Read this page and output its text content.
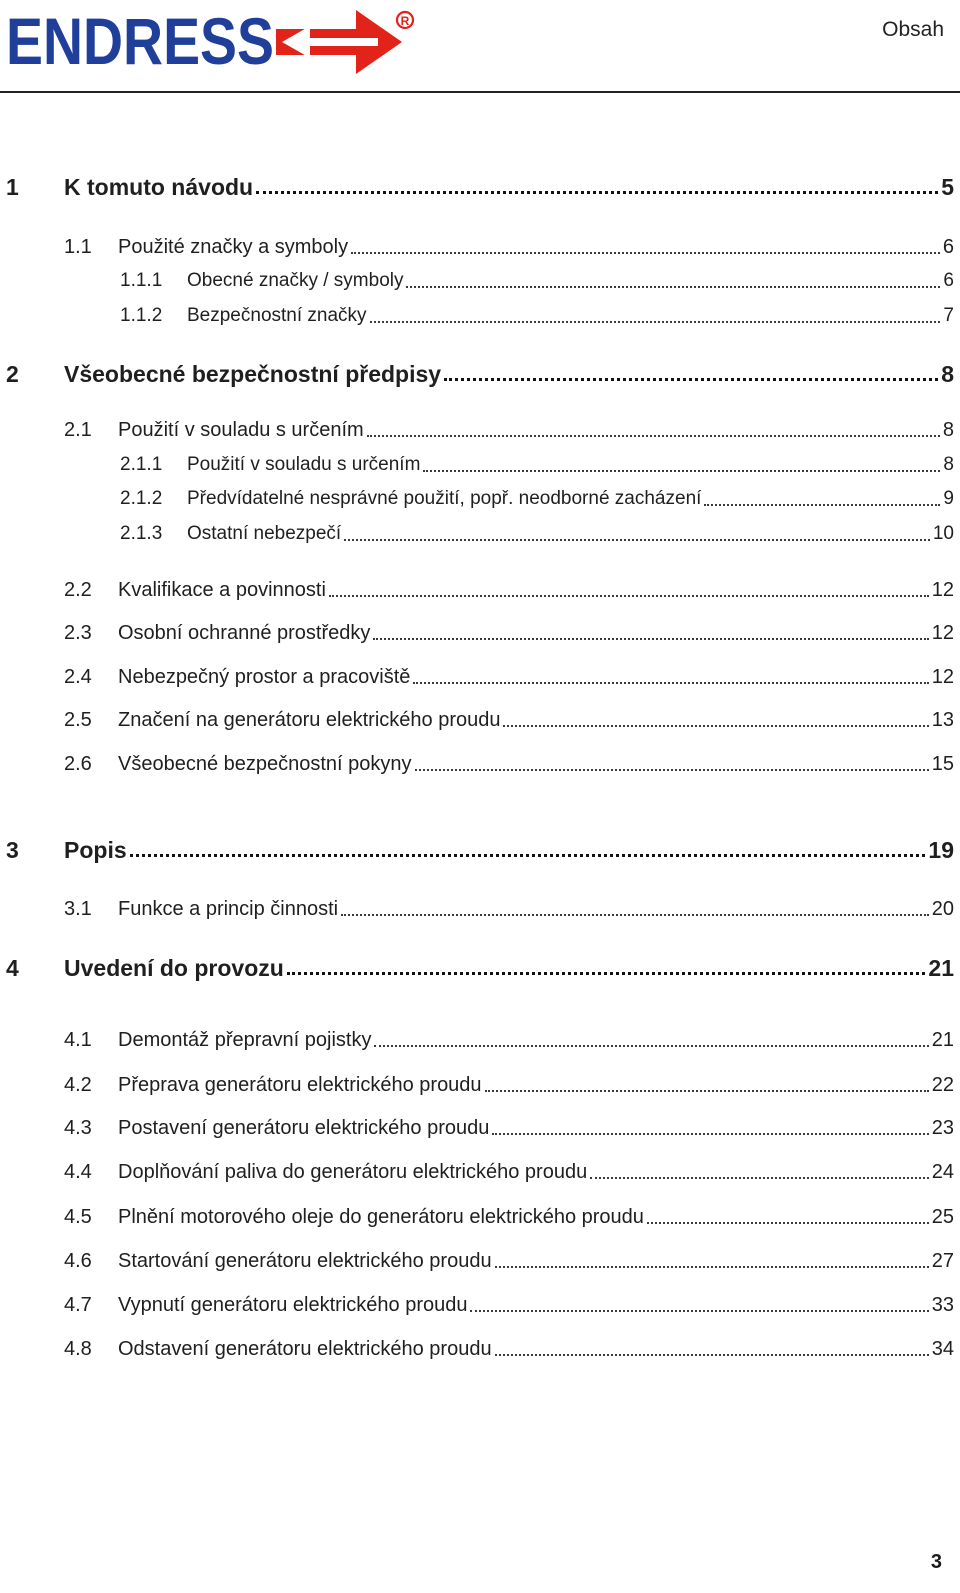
ENDRESS	R	Obsah
1	K tomuto návodu	5
1.1	Použité značky a symboly	6
1.1.1	Obecné značky / symboly	6
1.1.2	Bezpečnostní značky	7
2	Všeobecné bezpečnostní předpisy	8
2.1	Použití v souladu s určením	8
2.1.1	Použití v souladu s určením	8
2.1.2	Předvídatelné nesprávné použití, popř. neodborné zacházení	9
2.1.3	Ostatní nebezpečí	10
2.2	Kvalifikace a povinnosti	12
2.3	Osobní ochranné prostředky	12
2.4	Nebezpečný prostor a pracoviště	12
2.5	Značení na generátoru elektrického proudu	13
2.6	Všeobecné bezpečnostní pokyny	15
3	Popis	19
3.1	Funkce a princip činnosti	20
4	Uvedení do provozu	21
4.1	Demontáž přepravní pojistky	21
4.2	Přeprava generátoru elektrického proudu	22
4.3	Postavení generátoru elektrického proudu	23
4.4	Doplňování paliva do generátoru elektrického proudu	24
4.5	Plnění motorového oleje do generátoru elektrického proudu	25
4.6	Startování generátoru elektrického proudu	27
4.7	Vypnutí generátoru elektrického proudu	33
4.8	Odstavení generátoru elektrického proudu	34
3
